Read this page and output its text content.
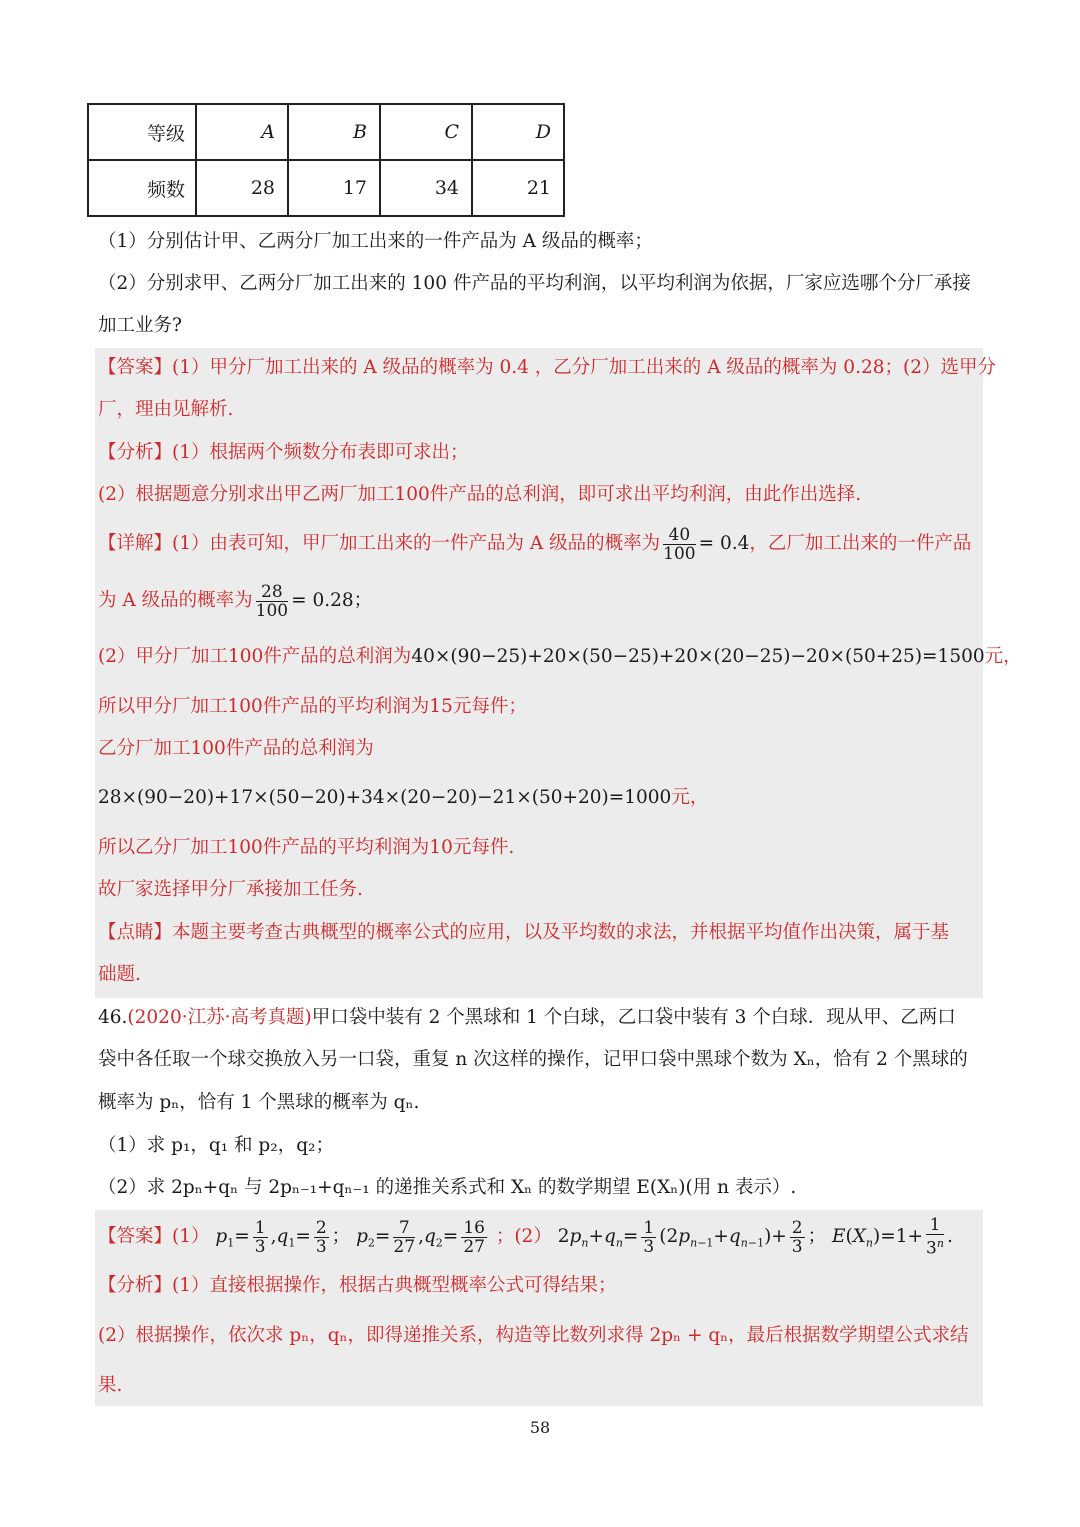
等级	A	B	C	D
频数	28	17	34	21
（1）分别估计甲、乙两分厂加工出来的一件产品为 A 级品的概率；
（2）分别求甲、乙两分厂加工出来的 100 件产品的平均利润，以平均利润为依据，厂家应选哪个分厂承接
加工业务?
【答案】(1）甲分厂加工出来的 A 级品的概率为 0.4 ，乙分厂加工出来的 A 级品的概率为 0.28；(2）选甲分
厂，理由见解析.
【分析】(1）根据两个频数分布表即可求出；
(2）根据题意分别求出甲乙两厂加工100件产品的总利润，即可求出平均利润，由此作出选择.
【详解】(1）由表可知，甲厂加工出来的一件产品为 A 级品的概率为 $\frac{40}{100} = 0.4$，乙厂加工出来的一件产品
为 A 级品的概率为 $\frac{28}{100} = 0.28$；
(2）甲分厂加工100件产品的总利润为40×(90−25)+20×(50−25)+20×(20−25)−20×(50+25)=1500元，
所以甲分厂加工100件产品的平均利润为15元每件；
乙分厂加工100件产品的总利润为
28×(90−20)+17×(50−20)+34×(20−20)−21×(50+20)=1000元，
所以乙分厂加工100件产品的平均利润为10元每件.
故厂家选择甲分厂承接加工任务.
【点睛】本题主要考查古典概型的概率公式的应用，以及平均数的求法，并根据平均值作出决策，属于基
础题.
46.(2020·江苏·高考真题)甲口袋中装有 2 个黑球和 1 个白球，乙口袋中装有 3 个白球．现从甲、乙两口
袋中各任取一个球交换放入另一口袋，重复 n 次这样的操作，记甲口袋中黑球个数为 Xₙ，恰有 2 个黑球的
概率为 pₙ，恰有 1 个黑球的概率为 qₙ.
（1）求 p₁，q₁ 和 p₂，q₂；
（2）求 2pₙ+qₙ 与 2pₙ₋₁+qₙ₋₁ 的递推关系式和 Xₙ 的数学期望 E(Xₙ)(用 n 表示）.
【答案】(1） $p_1= \frac{1}{3} ,q_1= \frac{2}{3}$ ； $p_2= \frac{7}{27} ,q_2= \frac{16}{27}$ ；(2） $2p_n+q_n= \frac{1}{3} (2p_{n-1}+q_{n-1})+ \frac{2}{3}$ ； $E(X_n)=1+ \frac{1}{3^n}$ .
【分析】(1）直接根据操作，根据古典概型概率公式可得结果；
(2）根据操作，依次求 pₙ，qₙ，即得递推关系，构造等比数列求得 2pₙ + qₙ，最后根据数学期望公式求结
果.
58
